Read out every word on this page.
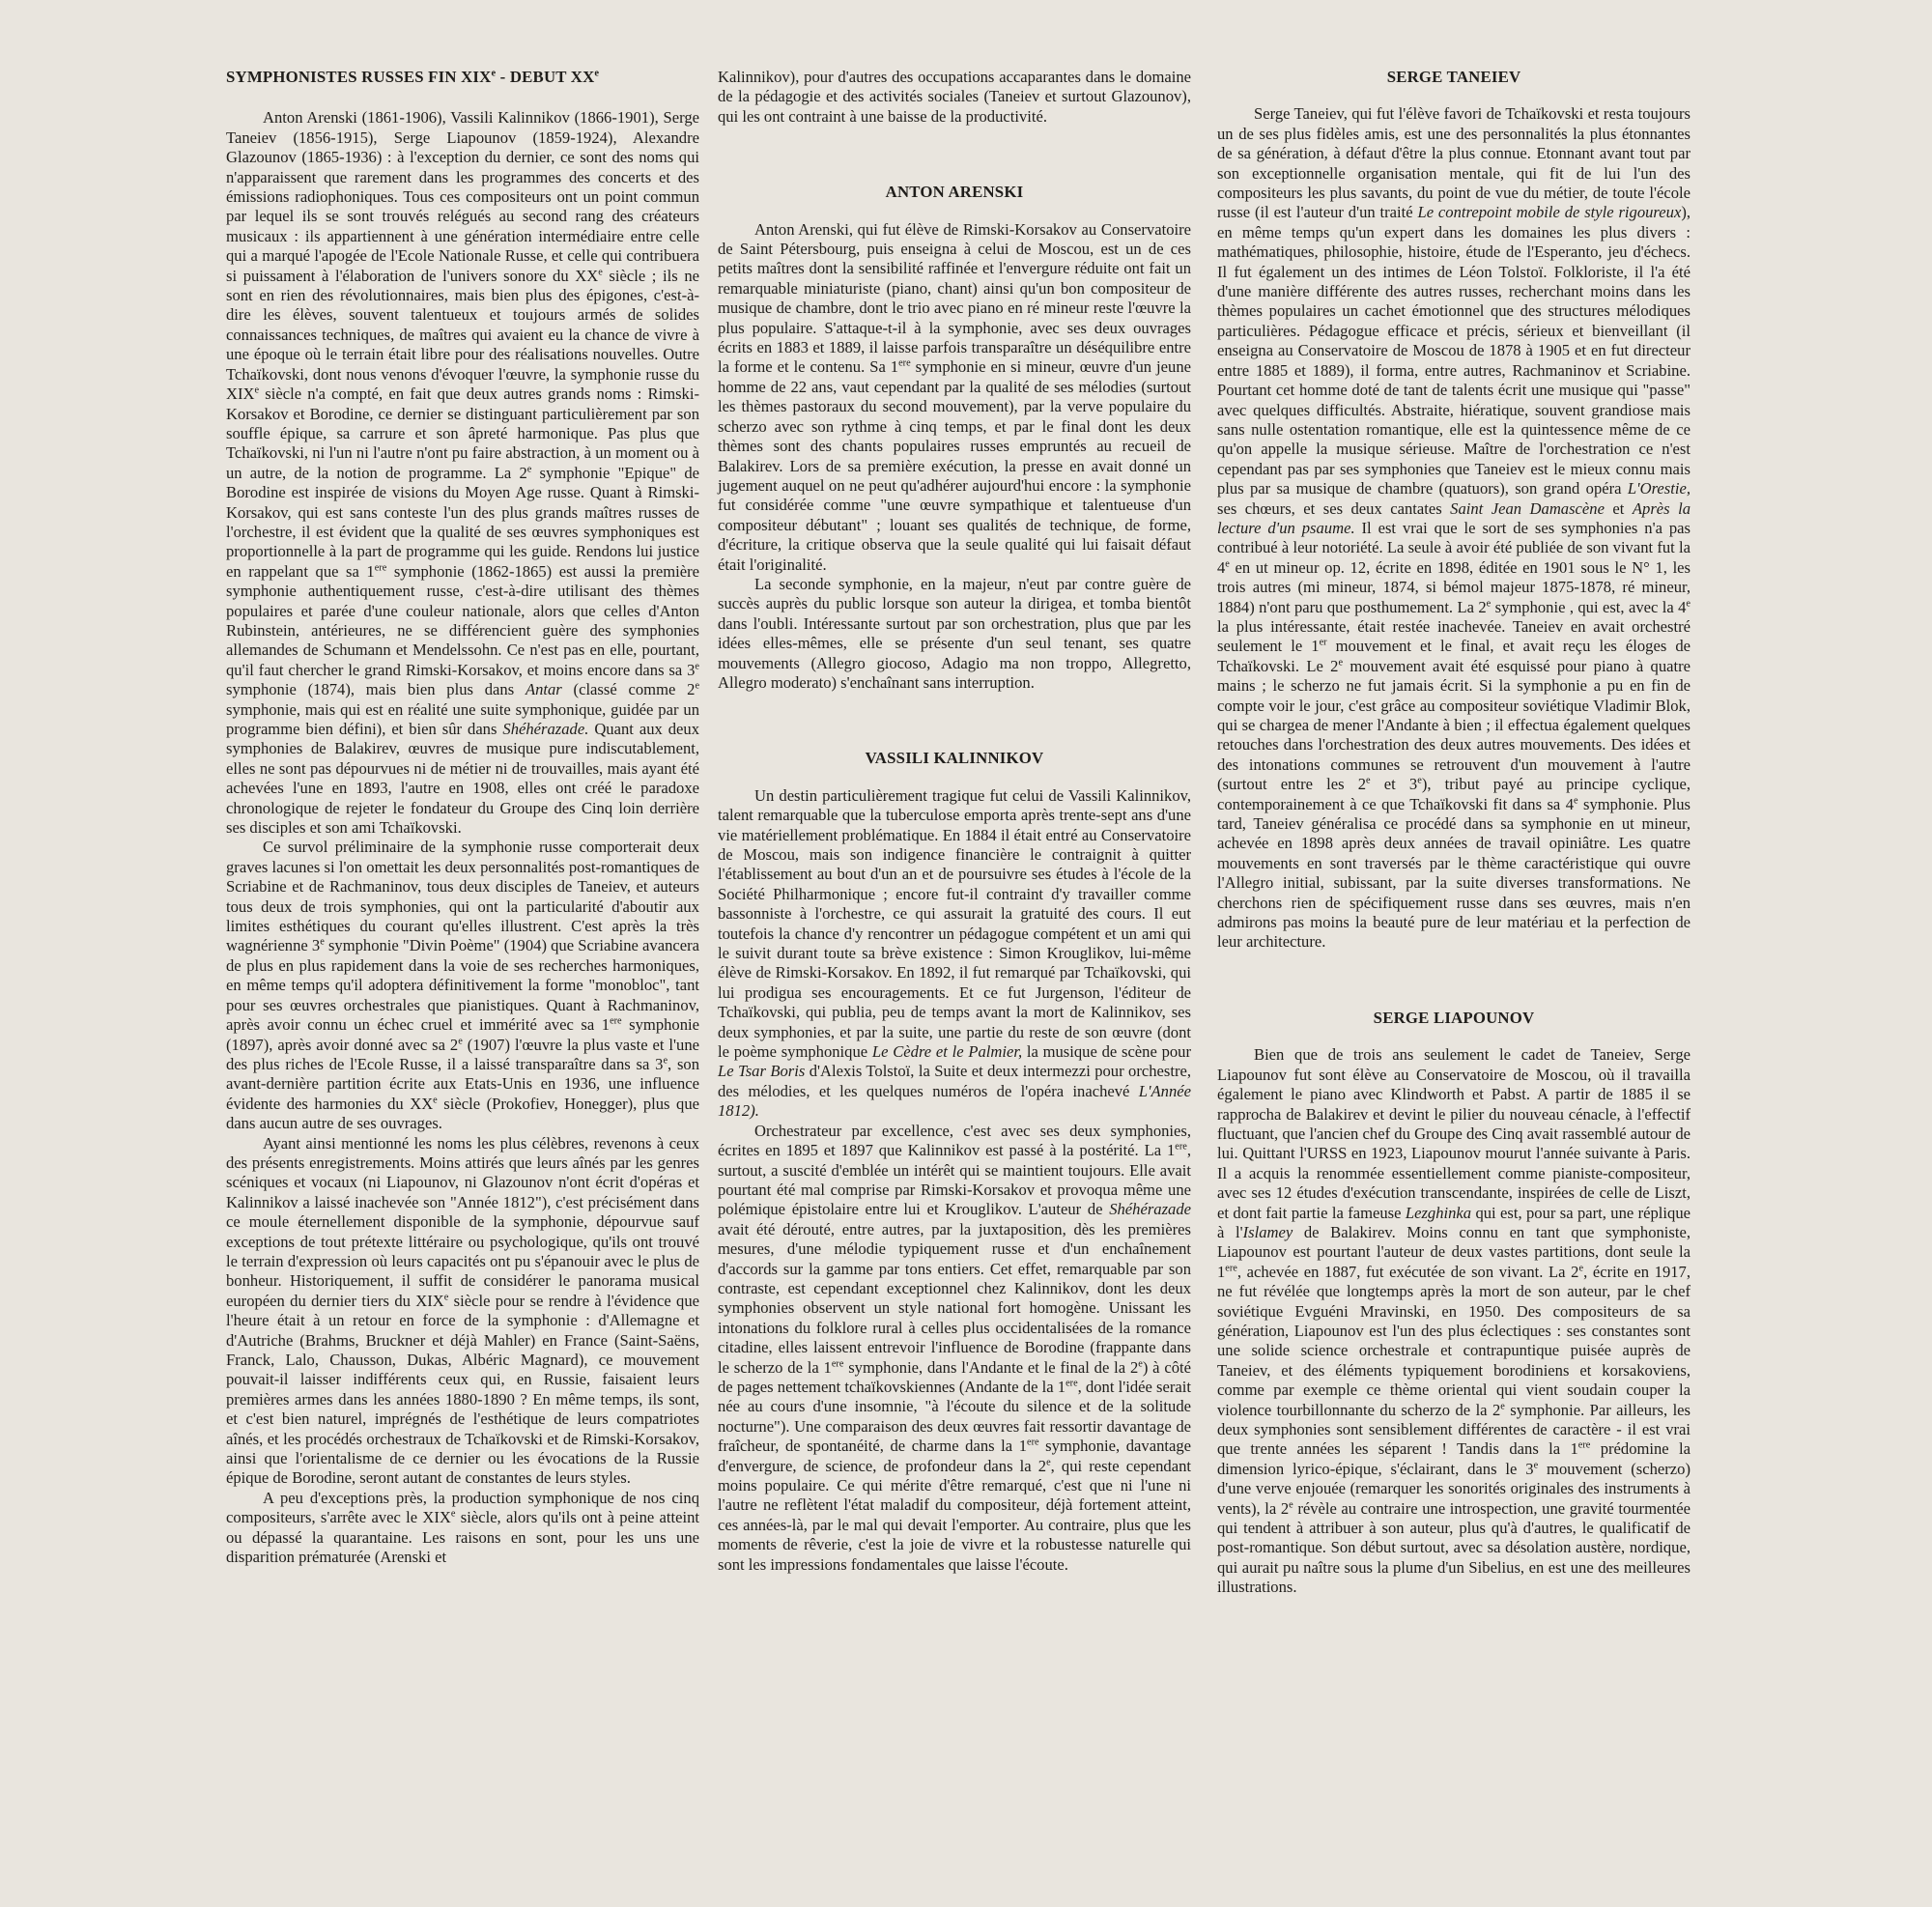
SYMPHONISTES RUSSES FIN XIXe - DEBUT XXe

Anton Arenski (1861-1906), Vassili Kalinnikov (1866-1901), Serge Taneiev (1856-1915), Serge Liapounov (1859-1924), Alexandre Glazounov (1865-1936) : à l'exception du dernier, ce sont des noms qui n'apparaissent que rarement dans les programmes des concerts et des émissions radiophoniques. Tous ces compositeurs ont un point commun par lequel ils se sont trouvés relégués au second rang des créateurs musicaux : ils appartiennent à une génération intermédiaire entre celle qui a marqué l'apogée de l'Ecole Nationale Russe, et celle qui contribuera si puissament à l'élaboration de l'univers sonore du XXe siècle ; ils ne sont en rien des révolutionnaires, mais bien plus des épigones, c'est-à-dire les élèves, souvent talentueux et toujours armés de solides connaissances techniques, de maîtres qui avaient eu la chance de vivre à une époque où le terrain était libre pour des réalisations nouvelles. Outre Tchaïkovski, dont nous venons d'évoquer l'œuvre, la symphonie russe du XIXe siècle n'a compté, en fait que deux autres grands noms : Rimski-Korsakov et Borodine, ce dernier se distinguant particulièrement par son souffle épique, sa carrure et son âpreté harmonique. Pas plus que Tchaïkovski, ni l'un ni l'autre n'ont pu faire abstraction, à un moment ou à un autre, de la notion de programme. La 2e symphonie "Epique" de Borodine est inspirée de visions du Moyen Age russe. Quant à Rimski-Korsakov, qui est sans conteste l'un des plus grands maîtres russes de l'orchestre, il est évident que la qualité de ses œuvres symphoniques est proportionnelle à la part de programme qui les guide. Rendons lui justice en rappelant que sa 1ere symphonie (1862-1865) est aussi la première symphonie authentiquement russe, c'est-à-dire utilisant des thèmes populaires et parée d'une couleur nationale, alors que celles d'Anton Rubinstein, antérieures, ne se différencient guère des symphonies allemandes de Schumann et Mendelssohn. Ce n'est pas en elle, pourtant, qu'il faut chercher le grand Rimski-Korsakov, et moins encore dans sa 3e symphonie (1874), mais bien plus dans Antar (classé comme 2e symphonie, mais qui est en réalité une suite symphonique, guidée par un programme bien défini), et bien sûr dans Shéhérazade. Quant aux deux symphonies de Balakirev, œuvres de musique pure indiscutablement, elles ne sont pas dépourvues ni de métier ni de trouvailles, mais ayant été achevées l'une en 1893, l'autre en 1908, elles ont créé le paradoxe chronologique de rejeter le fondateur du Groupe des Cinq loin derrière ses disciples et son ami Tchaïkovski.

Ce survol préliminaire de la symphonie russe comporterait deux graves lacunes si l'on omettait les deux personnalités post-romantiques de Scriabine et de Rachmaninov, tous deux disciples de Taneiev, et auteurs tous deux de trois symphonies, qui ont la particularité d'aboutir aux limites esthétiques du courant qu'elles illustrent. C'est après la très wagnérienne 3e symphonie "Divin Poème" (1904) que Scriabine avancera de plus en plus rapidement dans la voie de ses recherches harmoniques, en même temps qu'il adoptera définitivement la forme "monobloc", tant pour ses œuvres orchestrales que pianistiques. Quant à Rachmaninov, après avoir connu un échec cruel et immérité avec sa 1ere symphonie (1897), après avoir donné avec sa 2e (1907) l'œuvre la plus vaste et l'une des plus riches de l'Ecole Russe, il a laissé transparaître dans sa 3e, son avant-dernière partition écrite aux Etats-Unis en 1936, une influence évidente des harmonies du XXe siècle (Prokofiev, Honegger), plus que dans aucun autre de ses ouvrages.

Ayant ainsi mentionné les noms les plus célèbres, revenons à ceux des présents enregistrements. Moins attirés que leurs aînés par les genres scéniques et vocaux (ni Liapounov, ni Glazounov n'ont écrit d'opéras et Kalinnikov a laissé inachevée son "Année 1812"), c'est précisément dans ce moule éternellement disponible de la symphonie, dépourvue sauf exceptions de tout prétexte littéraire ou psychologique, qu'ils ont trouvé le terrain d'expression où leurs capacités ont pu s'épanouir avec le plus de bonheur. Historiquement, il suffit de considérer le panorama musical européen du dernier tiers du XIXe siècle pour se rendre à l'évidence que l'heure était à un retour en force de la symphonie : d'Allemagne et d'Autriche (Brahms, Bruckner et déjà Mahler) en France (Saint-Saëns, Franck, Lalo, Chausson, Dukas, Albéric Magnard), ce mouvement pouvait-il laisser indifférents ceux qui, en Russie, faisaient leurs premières armes dans les années 1880-1890 ? En même temps, ils sont, et c'est bien naturel, imprégnés de l'esthétique de leurs compatriotes aînés, et les procédés orchestraux de Tchaïkovski et de Rimski-Korsakov, ainsi que l'orientalisme de ce dernier ou les évocations de la Russie épique de Borodine, seront autant de constantes de leurs styles.

A peu d'exceptions près, la production symphonique de nos cinq compositeurs, s'arrête avec le XIXe siècle, alors qu'ils ont à peine atteint ou dépassé la quarantaine. Les raisons en sont, pour les uns une disparition prématurée (Arenski et

Kalinnikov), pour d'autres des occupations accaparantes dans le domaine de la pédagogie et des activités sociales (Taneiev et surtout Glazounov), qui les ont contraint à une baisse de la productivité.

ANTON ARENSKI

Anton Arenski, qui fut élève de Rimski-Korsakov au Conservatoire de Saint Pétersbourg, puis enseigna à celui de Moscou, est un de ces petits maîtres dont la sensibilité raffinée et l'envergure réduite ont fait un remarquable miniaturiste (piano, chant) ainsi qu'un bon compositeur de musique de chambre, dont le trio avec piano en ré mineur reste l'œuvre la plus populaire. S'attaque-t-il à la symphonie, avec ses deux ouvrages écrits en 1883 et 1889, il laisse parfois transparaître un déséquilibre entre la forme et le contenu. Sa 1ere symphonie en si mineur, œuvre d'un jeune homme de 22 ans, vaut cependant par la qualité de ses mélodies (surtout les thèmes pastoraux du second mouvement), par la verve populaire du scherzo avec son rythme à cinq temps, et par le final dont les deux thèmes sont des chants populaires russes empruntés au recueil de Balakirev. Lors de sa première exécution, la presse en avait donné un jugement auquel on ne peut qu'adhérer aujourd'hui encore : la symphonie fut considérée comme "une œuvre sympathique et talentueuse d'un compositeur débutant" ; louant ses qualités de technique, de forme, d'écriture, la critique observa que la seule qualité qui lui faisait défaut était l'originalité.

La seconde symphonie, en la majeur, n'eut par contre guère de succès auprès du public lorsque son auteur la dirigea, et tomba bientôt dans l'oubli. Intéressante surtout par son orchestration, plus que par les idées elles-mêmes, elle se présente d'un seul tenant, ses quatre mouvements (Allegro giocoso, Adagio ma non troppo, Allegretto, Allegro moderato) s'enchaînant sans interruption.

VASSILI KALINNIKOV

Un destin particulièrement tragique fut celui de Vassili Kalinnikov, talent remarquable que la tuberculose emporta après trente-sept ans d'une vie matériellement problématique. En 1884 il était entré au Conservatoire de Moscou, mais son indigence financière le contraignit à quitter l'établissement au bout d'un an et de poursuivre ses études à l'école de la Société Philharmonique ; encore fut-il contraint d'y travailler comme bassonniste à l'orchestre, ce qui assurait la gratuité des cours. Il eut toutefois la chance d'y rencontrer un pédagogue compétent et un ami qui le suivit durant toute sa brève existence : Simon Krouglikov, lui-même élève de Rimski-Korsakov. En 1892, il fut remarqué par Tchaïkovski, qui lui prodigua ses encouragements. Et ce fut Jurgenson, l'éditeur de Tchaïkovski, qui publia, peu de temps avant la mort de Kalinnikov, ses deux symphonies, et par la suite, une partie du reste de son œuvre (dont le poème symphonique Le Cèdre et le Palmier, la musique de scène pour Le Tsar Boris d'Alexis Tolstoï, la Suite et deux intermezzi pour orchestre, des mélodies, et les quelques numéros de l'opéra inachevé L'Année 1812).

Orchestrateur par excellence, c'est avec ses deux symphonies, écrites en 1895 et 1897 que Kalinnikov est passé à la postérité. La 1ere, surtout, a suscité d'emblée un intérêt qui se maintient toujours. Elle avait pourtant été mal comprise par Rimski-Korsakov et provoqua même une polémique épistolaire entre lui et Krouglikov. L'auteur de Shéhérazade avait été dérouté, entre autres, par la juxtaposition, dès les premières mesures, d'une mélodie typiquement russe et d'un enchaînement d'accords sur la gamme par tons entiers. Cet effet, remarquable par son contraste, est cependant exceptionnel chez Kalinnikov, dont les deux symphonies observent un style national fort homogène. Unissant les intonations du folklore rural à celles plus occidentalisées de la romance citadine, elles laissent entrevoir l'influence de Borodine (frappante dans le scherzo de la 1ere symphonie, dans l'Andante et le final de la 2e) à côté de pages nettement tchaïkovskiennes (Andante de la 1ere, dont l'idée serait née au cours d'une insomnie, "à l'écoute du silence et de la solitude nocturne"). Une comparaison des deux œuvres fait ressortir davantage de fraîcheur, de spontanéité, de charme dans la 1ere symphonie, davantage d'envergure, de science, de profondeur dans la 2e, qui reste cependant moins populaire. Ce qui mérite d'être remarqué, c'est que ni l'une ni l'autre ne reflètent l'état maladif du compositeur, déjà fortement atteint, ces années-là, par le mal qui devait l'emporter. Au contraire, plus que les moments de rêverie, c'est la joie de vivre et la robustesse naturelle qui sont les impressions fondamentales que laisse l'écoute.

SERGE TANEIEV

Serge Taneiev, qui fut l'élève favori de Tchaïkovski et resta toujours un de ses plus fidèles amis, est une des personnalités la plus étonnantes de sa génération, à défaut d'être la plus connue. Etonnant avant tout par son exceptionnelle organisation mentale, qui fit de lui l'un des compositeurs les plus savants, du point de vue du métier, de toute l'école russe (il est l'auteur d'un traité Le contrepoint mobile de style rigoureux), en même temps qu'un expert dans les domaines les plus divers : mathématiques, philosophie, histoire, étude de l'Esperanto, jeu d'échecs. Il fut également un des intimes de Léon Tolstoï. Folkloriste, il l'a été d'une manière différente des autres russes, recherchant moins dans les thèmes populaires un cachet émotionnel que des structures mélodiques particulières. Pédagogue efficace et précis, sérieux et bienveillant (il enseigna au Conservatoire de Moscou de 1878 à 1905 et en fut directeur entre 1885 et 1889), il forma, entre autres, Rachmaninov et Scriabine. Pourtant cet homme doté de tant de talents écrit une musique qui "passe" avec quelques difficultés. Abstraite, hiératique, souvent grandiose mais sans nulle ostentation romantique, elle est la quintessence même de ce qu'on appelle la musique sérieuse. Maître de l'orchestration ce n'est cependant pas par ses symphonies que Taneiev est le mieux connu mais plus par sa musique de chambre (quatuors), son grand opéra L'Orestie, ses chœurs, et ses deux cantates Saint Jean Damascène et Après la lecture d'un psaume. Il est vrai que le sort de ses symphonies n'a pas contribué à leur notoriété. La seule à avoir été publiée de son vivant fut la 4e en ut mineur op. 12, écrite en 1898, éditée en 1901 sous le N° 1, les trois autres (mi mineur, 1874, si bémol majeur 1875-1878, ré mineur, 1884) n'ont paru que posthumement. La 2e symphonie , qui est, avec la 4e la plus intéressante, était restée inachevée. Taneiev en avait orchestré seulement le 1er mouvement et le final, et avait reçu les éloges de Tchaïkovski. Le 2e mouvement avait été esquissé pour piano à quatre mains ; le scherzo ne fut jamais écrit. Si la symphonie a pu en fin de compte voir le jour, c'est grâce au compositeur soviétique Vladimir Blok, qui se chargea de mener l'Andante à bien ; il effectua également quelques retouches dans l'orchestration des deux autres mouvements. Des idées et des intonations communes se retrouvent d'un mouvement à l'autre (surtout entre les 2e et 3e), tribut payé au principe cyclique, contemporainement à ce que Tchaïkovski fit dans sa 4e symphonie. Plus tard, Taneiev généralisa ce procédé dans sa symphonie en ut mineur, achevée en 1898 après deux années de travail opiniâtre. Les quatre mouvements en sont traversés par le thème caractéristique qui ouvre l'Allegro initial, subissant, par la suite diverses transformations. Ne cherchons rien de spécifiquement russe dans ses œuvres, mais n'en admirons pas moins la beauté pure de leur matériau et la perfection de leur architecture.

SERGE LIAPOUNOV

Bien que de trois ans seulement le cadet de Taneiev, Serge Liapounov fut sont élève au Conservatoire de Moscou, où il travailla également le piano avec Klindworth et Pabst. A partir de 1885 il se rapprocha de Balakirev et devint le pilier du nouveau cénacle, à l'effectif fluctuant, que l'ancien chef du Groupe des Cinq avait rassemblé autour de lui. Quittant l'URSS en 1923, Liapounov mourut l'année suivante à Paris. Il a acquis la renommée essentiellement comme pianiste-compositeur, avec ses 12 études d'exécution transcendante, inspirées de celle de Liszt, et dont fait partie la fameuse Lezghinka qui est, pour sa part, une réplique à l'Islamey de Balakirev. Moins connu en tant que symphoniste, Liapounov est pourtant l'auteur de deux vastes partitions, dont seule la 1ere, achevée en 1887, fut exécutée de son vivant. La 2e, écrite en 1917, ne fut révélée que longtemps après la mort de son auteur, par le chef soviétique Evguéni Mravinski, en 1950. Des compositeurs de sa génération, Liapounov est l'un des plus éclectiques : ses constantes sont une solide science orchestrale et contrapuntique puisée auprès de Taneiev, et des éléments typiquement borodiniens et korsakoviens, comme par exemple ce thème oriental qui vient soudain couper la violence tourbillonnante du scherzo de la 2e symphonie. Par ailleurs, les deux symphonies sont sensiblement différentes de caractère - il est vrai que trente années les séparent ! Tandis dans la 1ere prédomine la dimension lyrico-épique, s'éclairant, dans le 3e mouvement (scherzo) d'une verve enjouée (remarquer les sonorités originales des instruments à vents), la 2e révèle au contraire une introspection, une gravité tourmentée qui tendent à attribuer à son auteur, plus qu'à d'autres, le qualificatif de post-romantique. Son début surtout, avec sa désolation austère, nordique, qui aurait pu naître sous la plume d'un Sibelius, en est une des meilleures illustrations.
